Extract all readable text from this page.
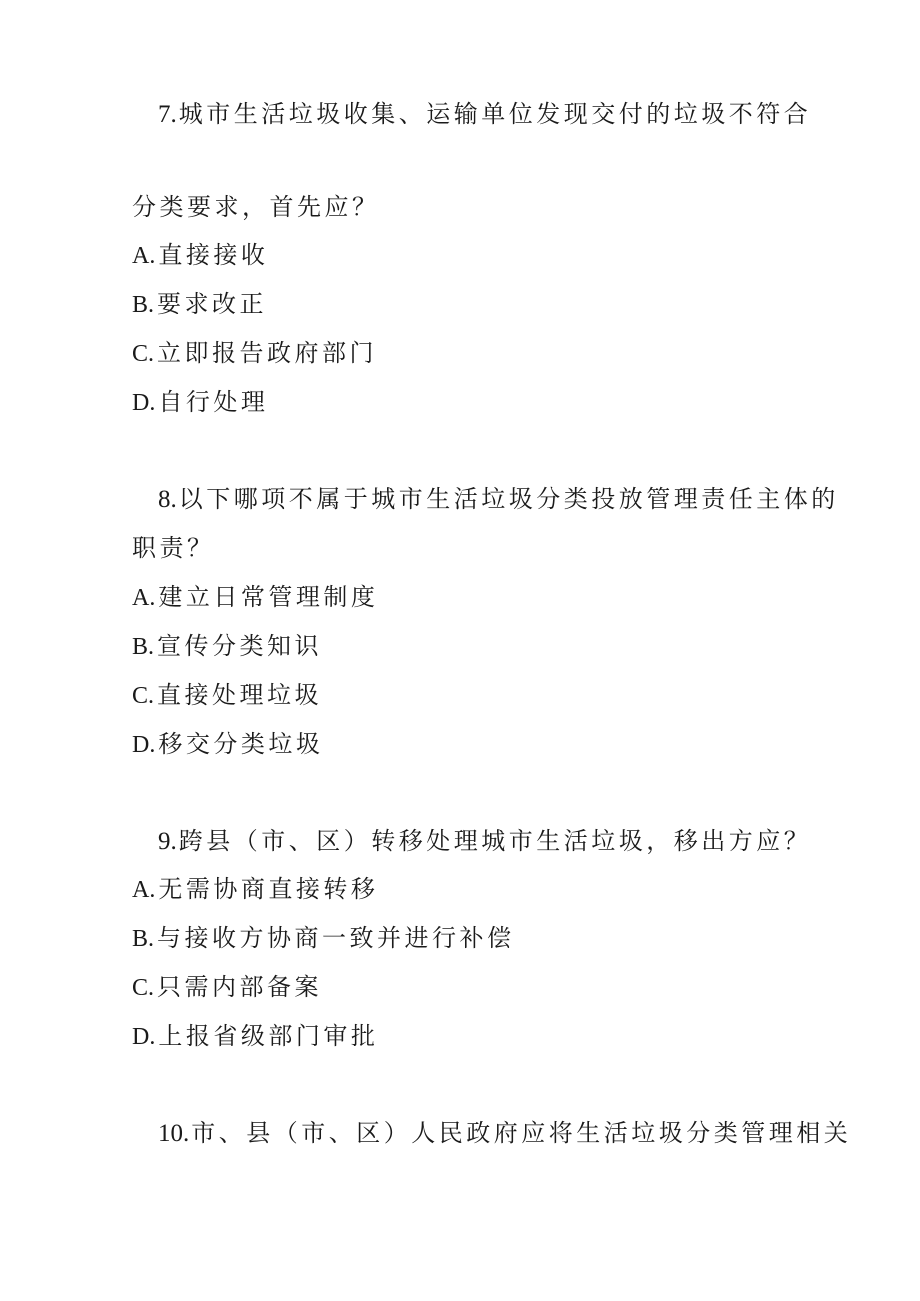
7.城市生活垃圾收集、运输单位发现交付的垃圾不符合
分类要求，首先应？
A. 直接接收
B. 要求改正
C. 立即报告政府部门
D. 自行处理
8.以下哪项不属于城市生活垃圾分类投放管理责任主体的
职责？
A. 建立日常管理制度
B. 宣传分类知识
C. 直接处理垃圾
D. 移交分类垃圾
9.跨县（市、区）转移处理城市生活垃圾，移出方应？
A. 无需协商直接转移
B. 与接收方协商一致并进行补偿
C. 只需内部备案
D. 上报省级部门审批
10.市、县（市、区）人民政府应将生活垃圾分类管理相关
